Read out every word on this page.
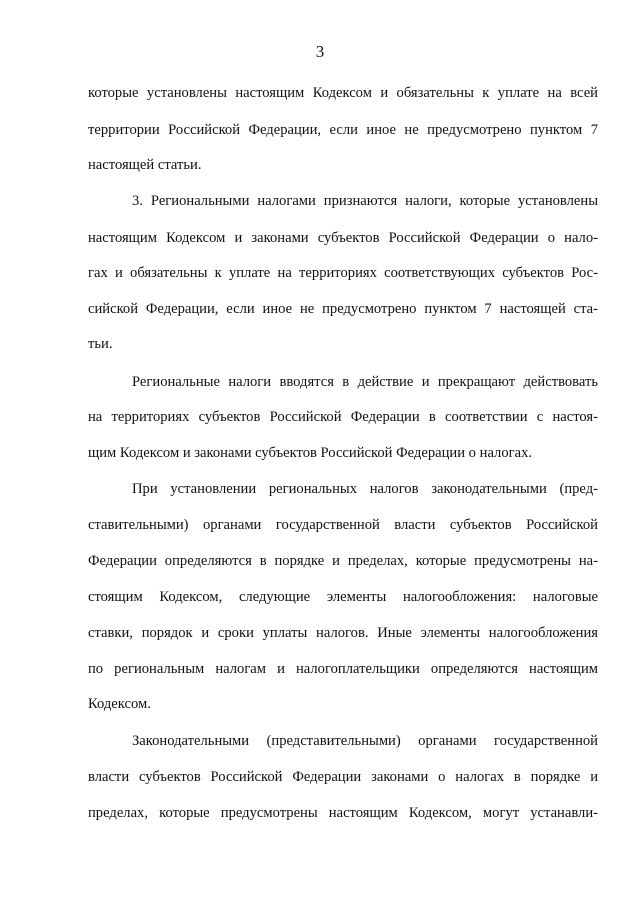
3
которые установлены настоящим Кодексом и обязательны к уплате на всей
территории Российской Федерации, если иное не предусмотрено пунктом 7
настоящей статьи.
3. Региональными налогами признаются налоги, которые установлены
настоящим Кодексом и законами субъектов Российской Федерации о нало-
гах и обязательны к уплате на территориях соответствующих субъектов Рос-
сийской Федерации, если иное не предусмотрено пунктом 7 настоящей ста-
тьи.
Региональные налоги вводятся в действие и прекращают действовать
на территориях субъектов Российской Федерации в соответствии с настоя-
щим Кодексом и законами субъектов Российской Федерации о налогах.
При установлении региональных налогов законодательными (пред-
ставительными) органами государственной власти субъектов Российской
Федерации определяются в порядке и пределах, которые предусмотрены на-
стоящим Кодексом, следующие элементы налогообложения: налоговые
ставки, порядок и сроки уплаты налогов. Иные элементы налогообложения
по региональным налогам и налогоплательщики определяются настоящим
Кодексом.
Законодательными (представительными) органами государственной
власти субъектов Российской Федерации законами о налогах в порядке и
пределах, которые предусмотрены настоящим Кодексом, могут устанавли-
